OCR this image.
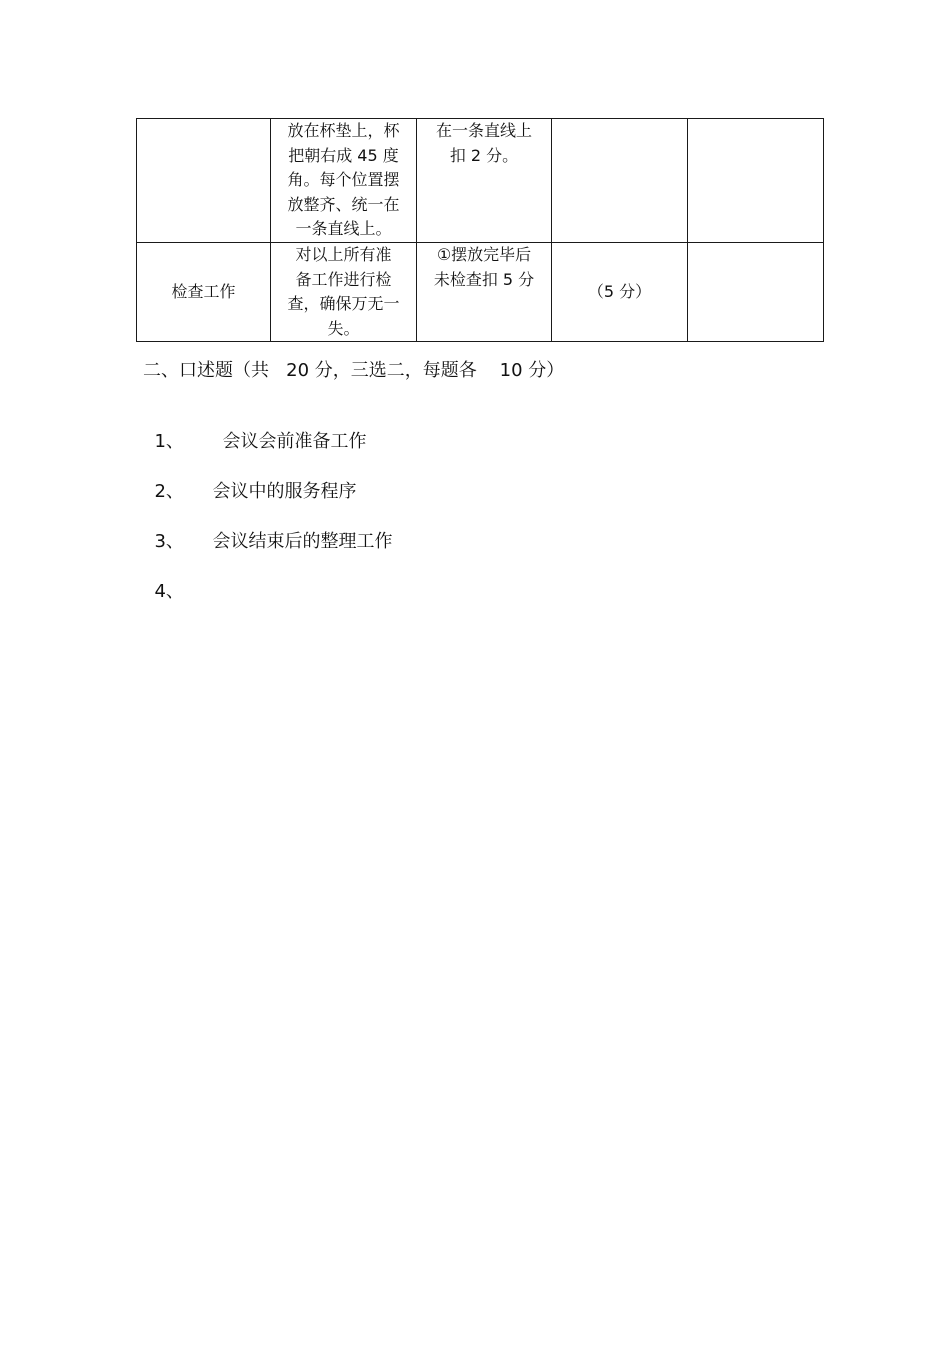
	放在杯垫上，杯
把朝右成 45 度
角。每个位置摆
放整齐、统一在
一条直线上。	在一条直线上
扣 2 分。		

检查工作	对以上所有准
备工作进行检
查，确保万无一
失。	①摆放完毕后
未检查扣 5 分	（5 分）	
二、口述题（共   20 分，三选二，每题各    10 分）

1、 会议会前准备工作

2、 会议中的服务程序

3、 会议结束后的整理工作

4、
